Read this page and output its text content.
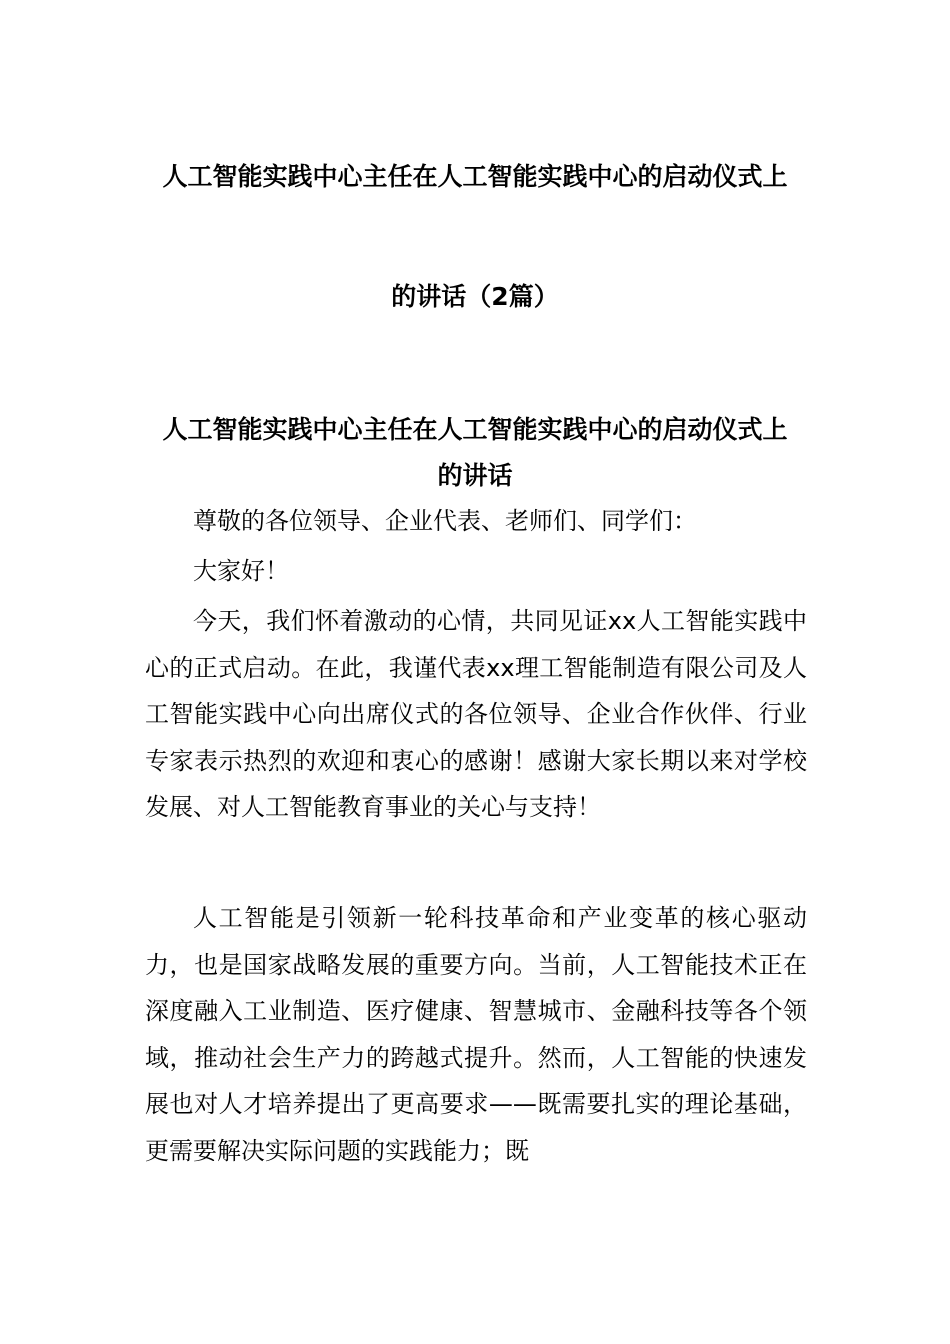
人工智能实践中心主任在人工智能实践中心的启动仪式上
的讲话（2篇）
人工智能实践中心主任在人工智能实践中心的启动仪式上
的讲话

尊敬的各位领导、企业代表、老师们、同学们：

大家好！

今天，我们怀着激动的心情，共同见证xx人工智能实践中心的正式启动。在此，我谨代表xx理工智能制造有限公司及人工智能实践中心向出席仪式的各位领导、企业合作伙伴、行业专家表示热烈的欢迎和衷心的感谢！感谢大家长期以来对学校发展、对人工智能教育事业的关心与支持！

人工智能是引领新一轮科技革命和产业变革的核心驱动力，也是国家战略发展的重要方向。当前，人工智能技术正在深度融入工业制造、医疗健康、智慧城市、金融科技等各个领域，推动社会生产力的跨越式提升。然而，人工智能的快速发展也对人才培养提出了更高要求——既需要扎实的理论基础，更需要解决实际问题的实践能力；既
